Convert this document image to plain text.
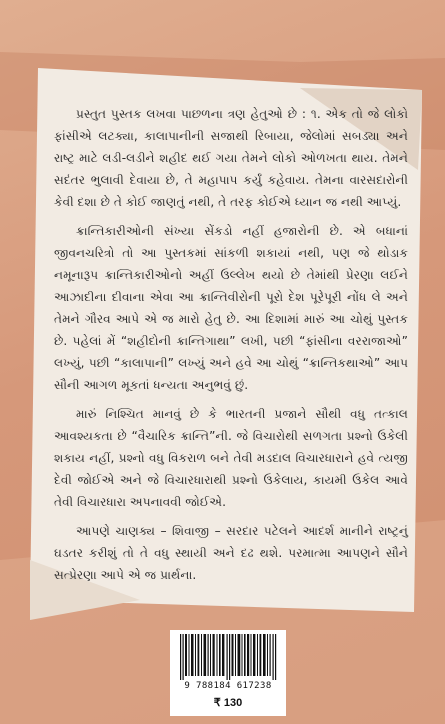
પ્રસ્તુત પુસ્તક લખવા પાછળના ત્રણ હેતુઓ છે : ૧. એક તો જે લોકો ફાંસીએ લટક્યા, કાલાપાનીની સજાથી રિબાયા, જેલોમાં સબડ્યા અને રાષ્ટ્ર માટે લડી-લડીને શહીદ થઈ ગયા તેમને લોકો ઓળખતા થાય. તેમને સદંતર ભુલાવી દેવાયા છે, તે મહાપાપ કર્યું કહેવાય. તેમના વારસદારોની કેવી દશા છે તે કોઈ જાણતું નથી, તે તરફ કોઈએ ધ્યાન જ નથી આપ્યું.

ક્રાન્તિકારીઓની સંખ્યા સેંકડો નહીં હજારોની છે. એ બધાનાં જીવનચરિત્રો તો આ પુસ્તકમાં સાંકળી શકાયાં નથી, પણ જે થોડાક નમૂનારૂપ ક્રાન્તિકારીઓનો અહીં ઉલ્લેખ થયો છે તેમાંથી પ્રેરણા લઈને આઝાદીના દીવાના એવા આ ક્રાન્તિવીરોની પૂરો દેશ પૂરેપૂરી નોંધ લે અને તેમને ગૌરવ આપે એ જ મારો હેતુ છે. આ દિશામાં મારું આ ચોથું પુસ્તક છે. પહેલાં મેં “શહીદોની ક્રાન્તિગાથા” લખી, પછી “ફાંસીના વરરાજાઓ” લખ્યું, પછી “કાલાપાની” લખ્યું અને હવે આ ચોથું “ક્રાન્તિકથાઓ” આપ સૌની આગળ મૂકતાં ધન્યતા અનુભવું છું.

મારું નિશ્ચિત માનવું છે કે ભારતની પ્રજાને સૌથી વધુ તત્કાલ આવશ્યકતા છે “વૈચારિક ક્રાન્તિ”ની. જે વિચારોથી સળગતા પ્રશ્નો ઉકેલી શકાય નહીં, પ્રશ્નો વધુ વિકરાળ બને તેવી મડદાલ વિચારધારાને હવે ત્યજી દેવી જોઈએ અને જે વિચારધારાથી પ્રશ્નો ઉકેલાય, કાયમી ઉકેલ આવે તેવી વિચારધારા અપનાવવી જોઈએ.

આપણે ચાણક્ય – શિવાજી – સરદાર પટેલને આદર્શ માનીને રાષ્ટ્રનું ઘડતર કરીશું તો તે વધુ સ્થાયી અને દઢ થશે. પરમાત્મા આપણને સૌને સત્પ્રેરણા આપે એ જ પ્રાર્થના.

9 788184 617238
₹ 130
